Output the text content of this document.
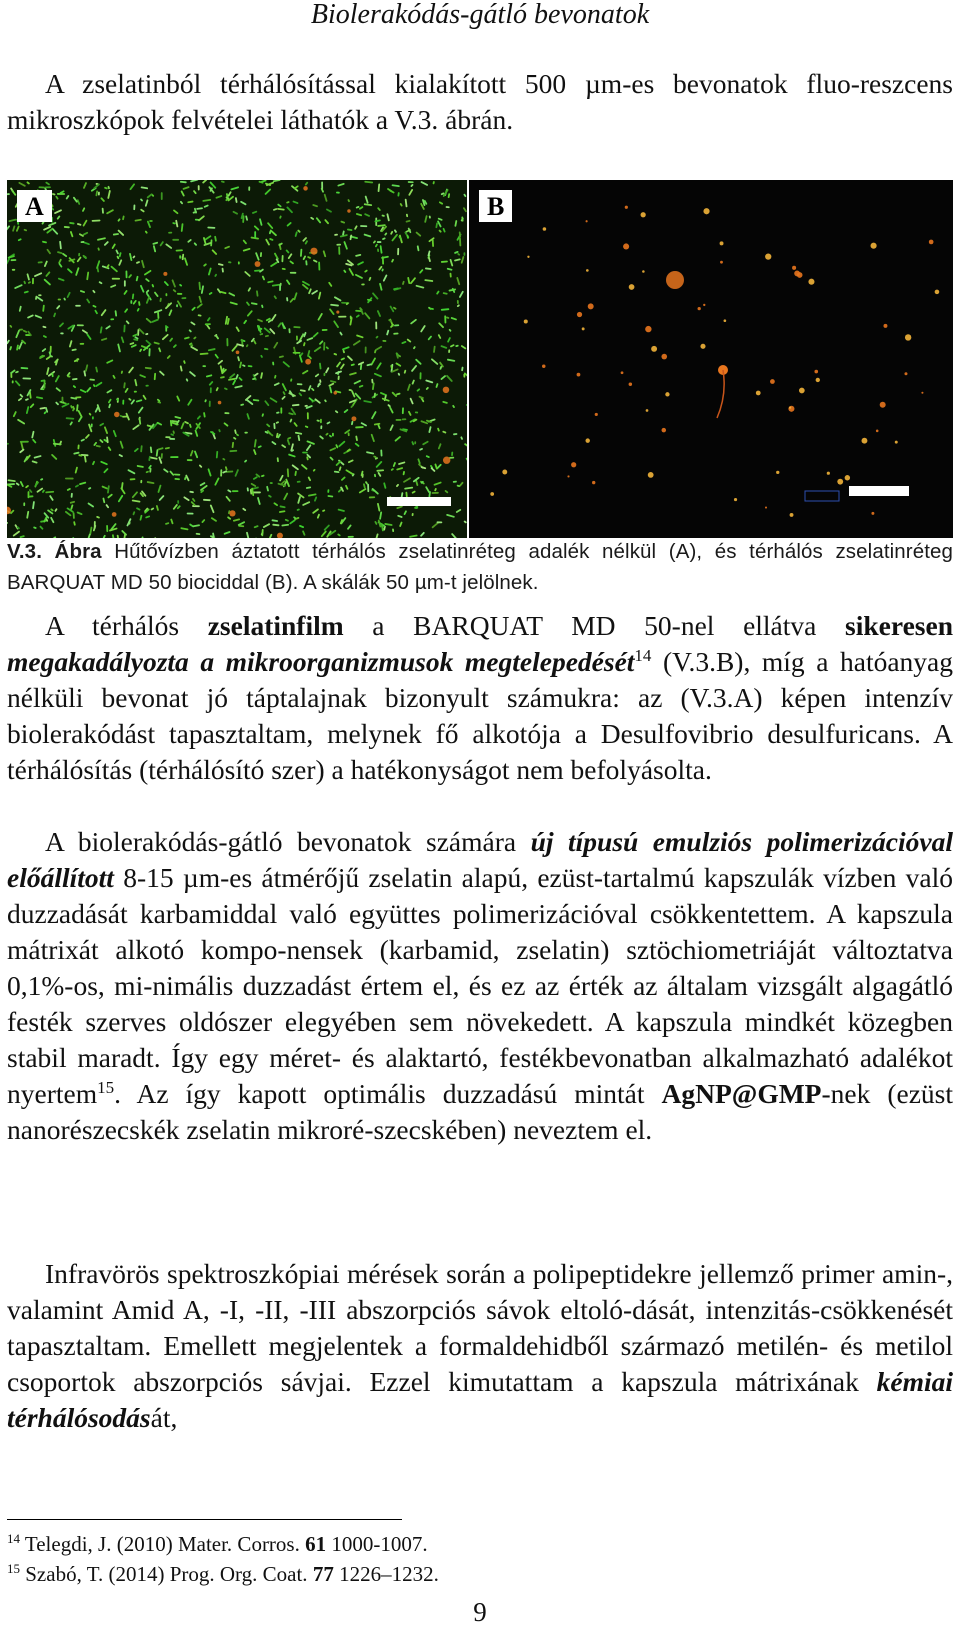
Biolerakódás-gátló bevonatok
A zselatinból térhálósítással kialakított 500 µm-es bevonatok fluo-reszcens mikroszkópok felvételei láthatók a V.3. ábrán.
A	B
V.3. Ábra Hűtővízben áztatott térhálós zselatinréteg adalék nélkül (A), és térhálós zselatinréteg BARQUAT MD 50 biociddal (B). A skálák 50 µm-t jelölnek.
A térhálós zselatinfilm a BARQUAT MD 50-nel ellátva sikeresen megakadályozta a mikroorganizmusok megtelepedését$^{14}$ (V.3.B), míg a hatóanyag nélküli bevonat jó táptalajnak bizonyult számukra: az (V.3.A) képen intenzív biolerakódást tapasztaltam, melynek fő alkotója a Desulfovibrio desulfuricans. A térhálósítás (térhálósító szer) a hatékonyságot nem befolyásolta.
A biolerakódás-gátló bevonatok számára új típusú emulziós polimerizációval előállított 8-15 µm-es átmérőjű zselatin alapú, ezüst-tartalmú kapszulák vízben való duzzadását karbamiddal való együttes polimerizációval csökkentettem. A kapszula mátrixát alkotó kompo-nensek (karbamid, zselatin) sztöchiometriáját változtatva 0,1%-os, mi-nimális duzzadást értem el, és ez az érték az általam vizsgált algagátló festék szerves oldószer elegyében sem növekedett. A kapszula mindkét közegben stabil maradt. Így egy méret- és alaktartó, festékbevonatban alkalmazható adalékot nyertem$^{15}$. Az így kapott optimális duzzadású mintát AgNP@GMP-nek (ezüst nanorészecskék zselatin mikroré-szecskében) neveztem el.
Infravörös spektroszkópiai mérések során a polipeptidekre jellemző primer amin-, valamint Amid A, -I, -II, -III abszorpciós sávok eltoló-dását, intenzitás-csökkenését tapasztaltam. Emellett megjelentek a formaldehidből származó metilén- és metilol csoportok abszorpciós sávjai. Ezzel kimutattam a kapszula mátrixának kémiai térhálósodását,
$^{14}$ Telegdi, J. (2010) Mater. Corros. 61 1000-1007.
$^{15}$ Szabó, T. (2014) Prog. Org. Coat. 77 1226–1232.
9
